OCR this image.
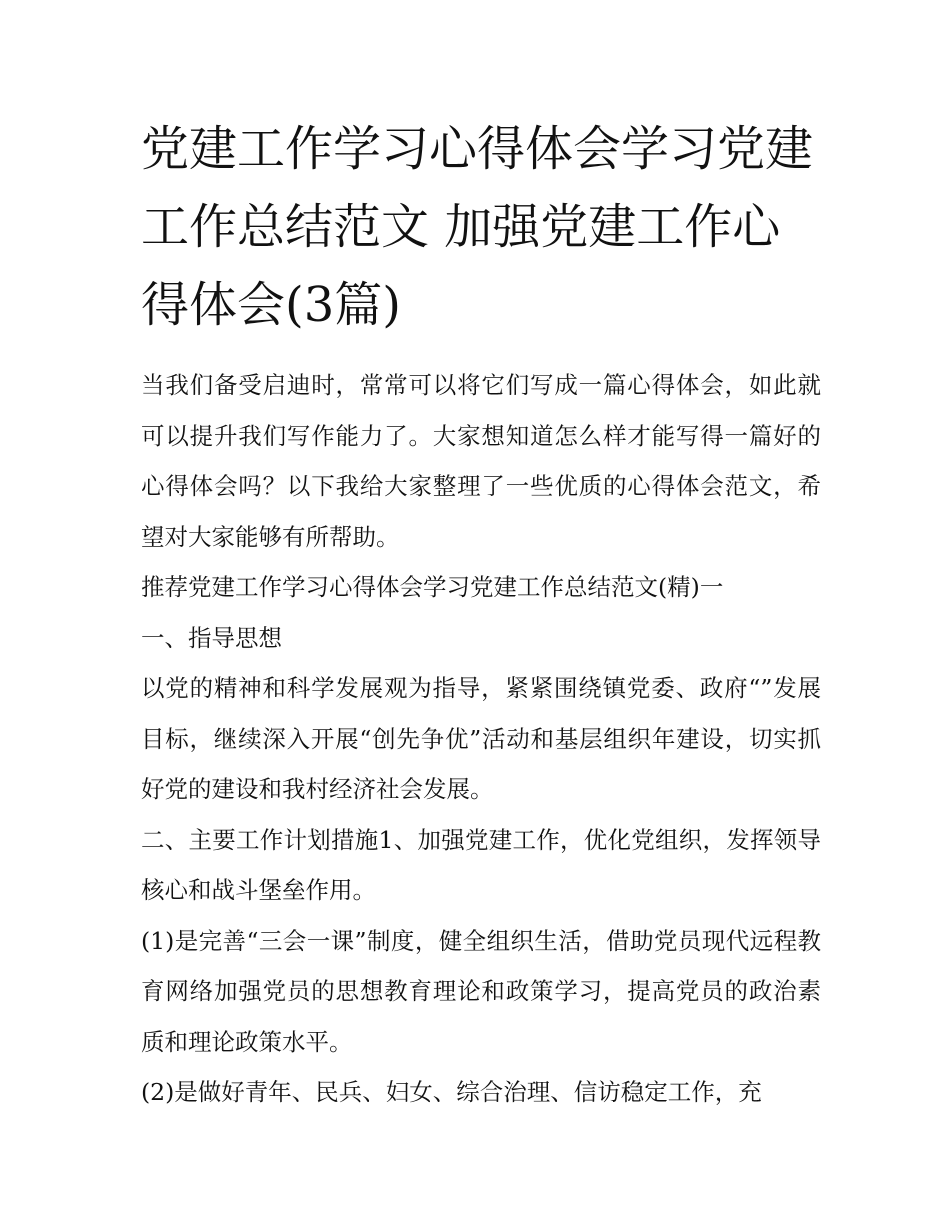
党建工作学习心得体会学习党建工作总结范文 加强党建工作心得体会(3篇)

当我们备受启迪时，常常可以将它们写成一篇心得体会，如此就可以提升我们写作能力了。大家想知道怎么样才能写得一篇好的心得体会吗？以下我给大家整理了一些优质的心得体会范文，希望对大家能够有所帮助。

推荐党建工作学习心得体会学习党建工作总结范文(精)一

一、指导思想

以党的精神和科学发展观为指导，紧紧围绕镇党委、政府“”发展目标，继续深入开展“创先争优”活动和基层组织年建设，切实抓好党的建设和我村经济社会发展。

二、主要工作计划措施1、加强党建工作，优化党组织，发挥领导核心和战斗堡垒作用。

(1)是完善“三会一课”制度，健全组织生活，借助党员现代远程教育网络加强党员的思想教育理论和政策学习，提高党员的政治素质和理论政策水平。

(2)是做好青年、民兵、妇女、综合治理、信访稳定工作，充
